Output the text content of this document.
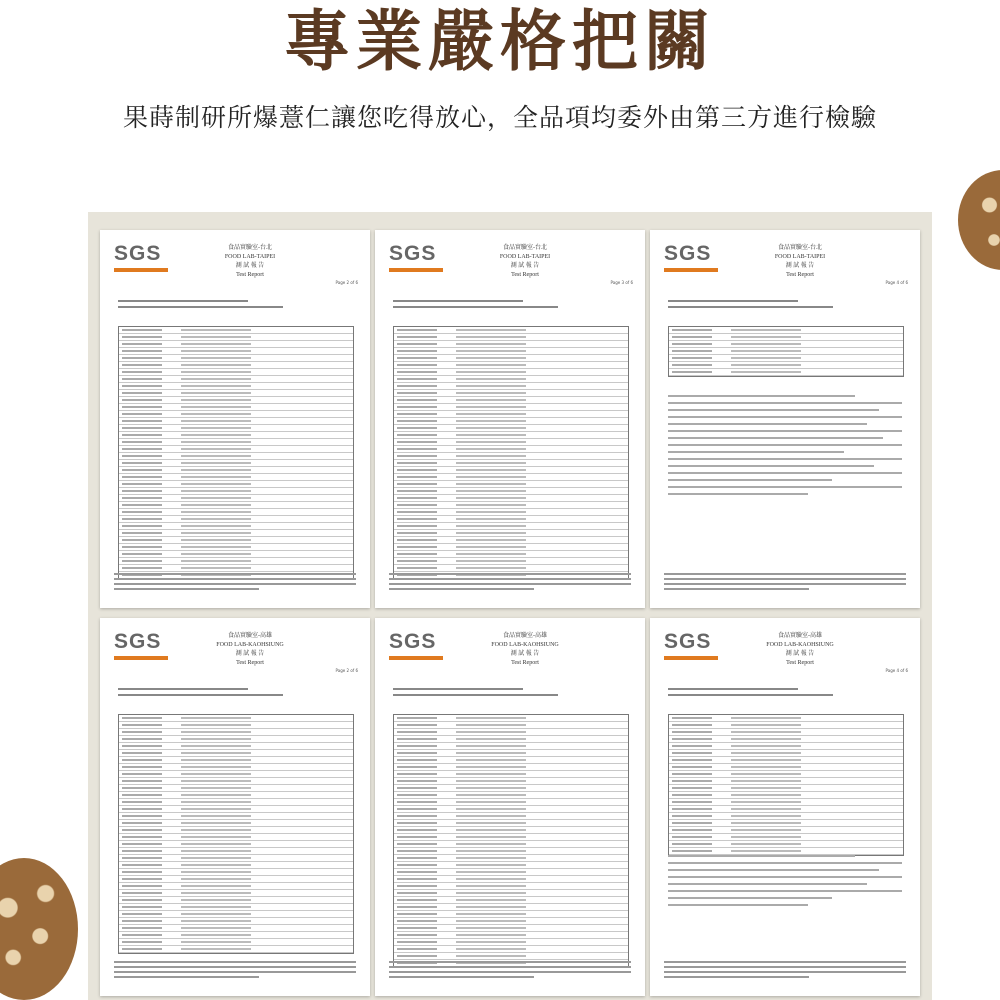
專業嚴格把關
果蒔制研所爆薏仁讓您吃得放心，全品項均委外由第三方進行檢驗
SGS	食品實驗室-台北
FOOD LAB-TAIPEI
測 試 報 告
Test Report
Page 2 of 6
SGS	食品實驗室-台北
FOOD LAB-TAIPEI
測 試 報 告
Test Report
Page 3 of 6
SGS	食品實驗室-台北
FOOD LAB-TAIPEI
測 試 報 告
Test Report
Page 4 of 6
SGS	食品實驗室-高雄
FOOD LAB-KAOHSIUNG
測 試 報 告
Test Report
Page 2 of 6
SGS	食品實驗室-高雄
FOOD LAB-KAOHSIUNG
測 試 報 告
Test Report
SGS	食品實驗室-高雄
FOOD LAB-KAOHSIUNG
測 試 報 告
Test Report
Page 4 of 6
